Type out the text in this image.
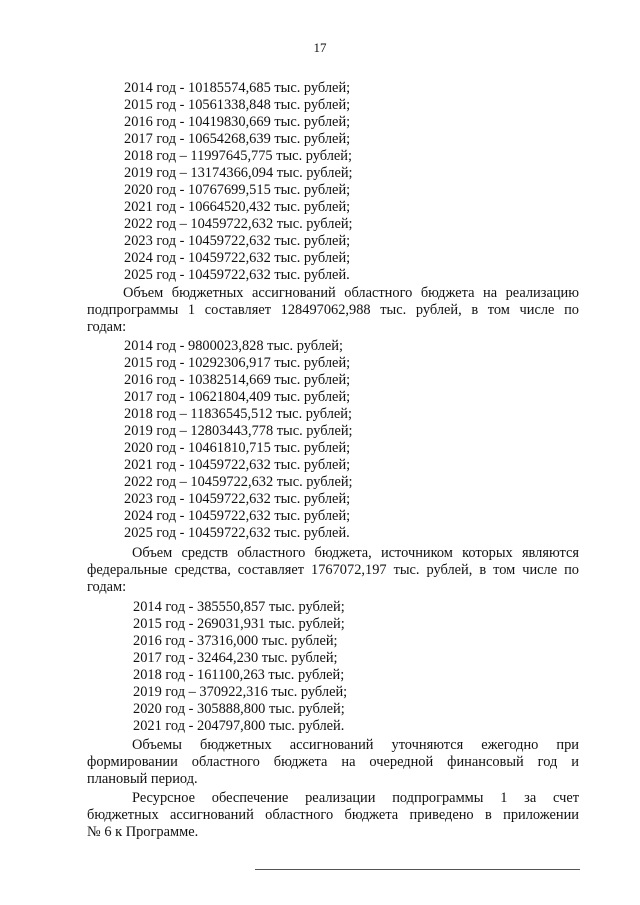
17
2014 год - 10185574,685 тыс. рублей;
2015 год - 10561338,848 тыс. рублей;
2016 год - 10419830,669 тыс. рублей;
2017 год - 10654268,639 тыс. рублей;
2018 год – 11997645,775 тыс. рублей;
2019 год – 13174366,094 тыс. рублей;
2020 год - 10767699,515 тыс. рублей;
2021 год - 10664520,432 тыс. рублей;
2022 год – 10459722,632 тыс. рублей;
2023 год - 10459722,632 тыс. рублей;
2024 год - 10459722,632 тыс. рублей;
2025 год - 10459722,632 тыс. рублей.
Объем бюджетных ассигнований областного бюджета на реализацию
подпрограммы 1 составляет 128497062,988 тыс. рублей, в том числе по
годам:
2014 год - 9800023,828 тыс. рублей;
2015 год - 10292306,917 тыс. рублей;
2016 год - 10382514,669 тыс. рублей;
2017 год - 10621804,409 тыс. рублей;
2018 год – 11836545,512 тыс. рублей;
2019 год – 12803443,778 тыс. рублей;
2020 год - 10461810,715 тыс. рублей;
2021 год - 10459722,632 тыс. рублей;
2022 год – 10459722,632 тыс. рублей;
2023 год - 10459722,632 тыс. рублей;
2024 год - 10459722,632 тыс. рублей;
2025 год - 10459722,632 тыс. рублей.
Объем средств областного бюджета, источником которых являются
федеральные средства, составляет 1767072,197 тыс. рублей, в том числе по
годам:
2014 год - 385550,857 тыс. рублей;
2015 год - 269031,931 тыс. рублей;
2016 год - 37316,000 тыс. рублей;
2017 год - 32464,230 тыс. рублей;
2018 год - 161100,263 тыс. рублей;
2019 год – 370922,316 тыс. рублей;
2020 год - 305888,800 тыс. рублей;
2021 год - 204797,800 тыс. рублей.
Объемы бюджетных ассигнований уточняются ежегодно при
формировании областного бюджета на очередной финансовый год и
плановый период.
Ресурсное обеспечение реализации подпрограммы 1 за счет
бюджетных ассигнований областного бюджета приведено в приложении
№ 6 к Программе.
